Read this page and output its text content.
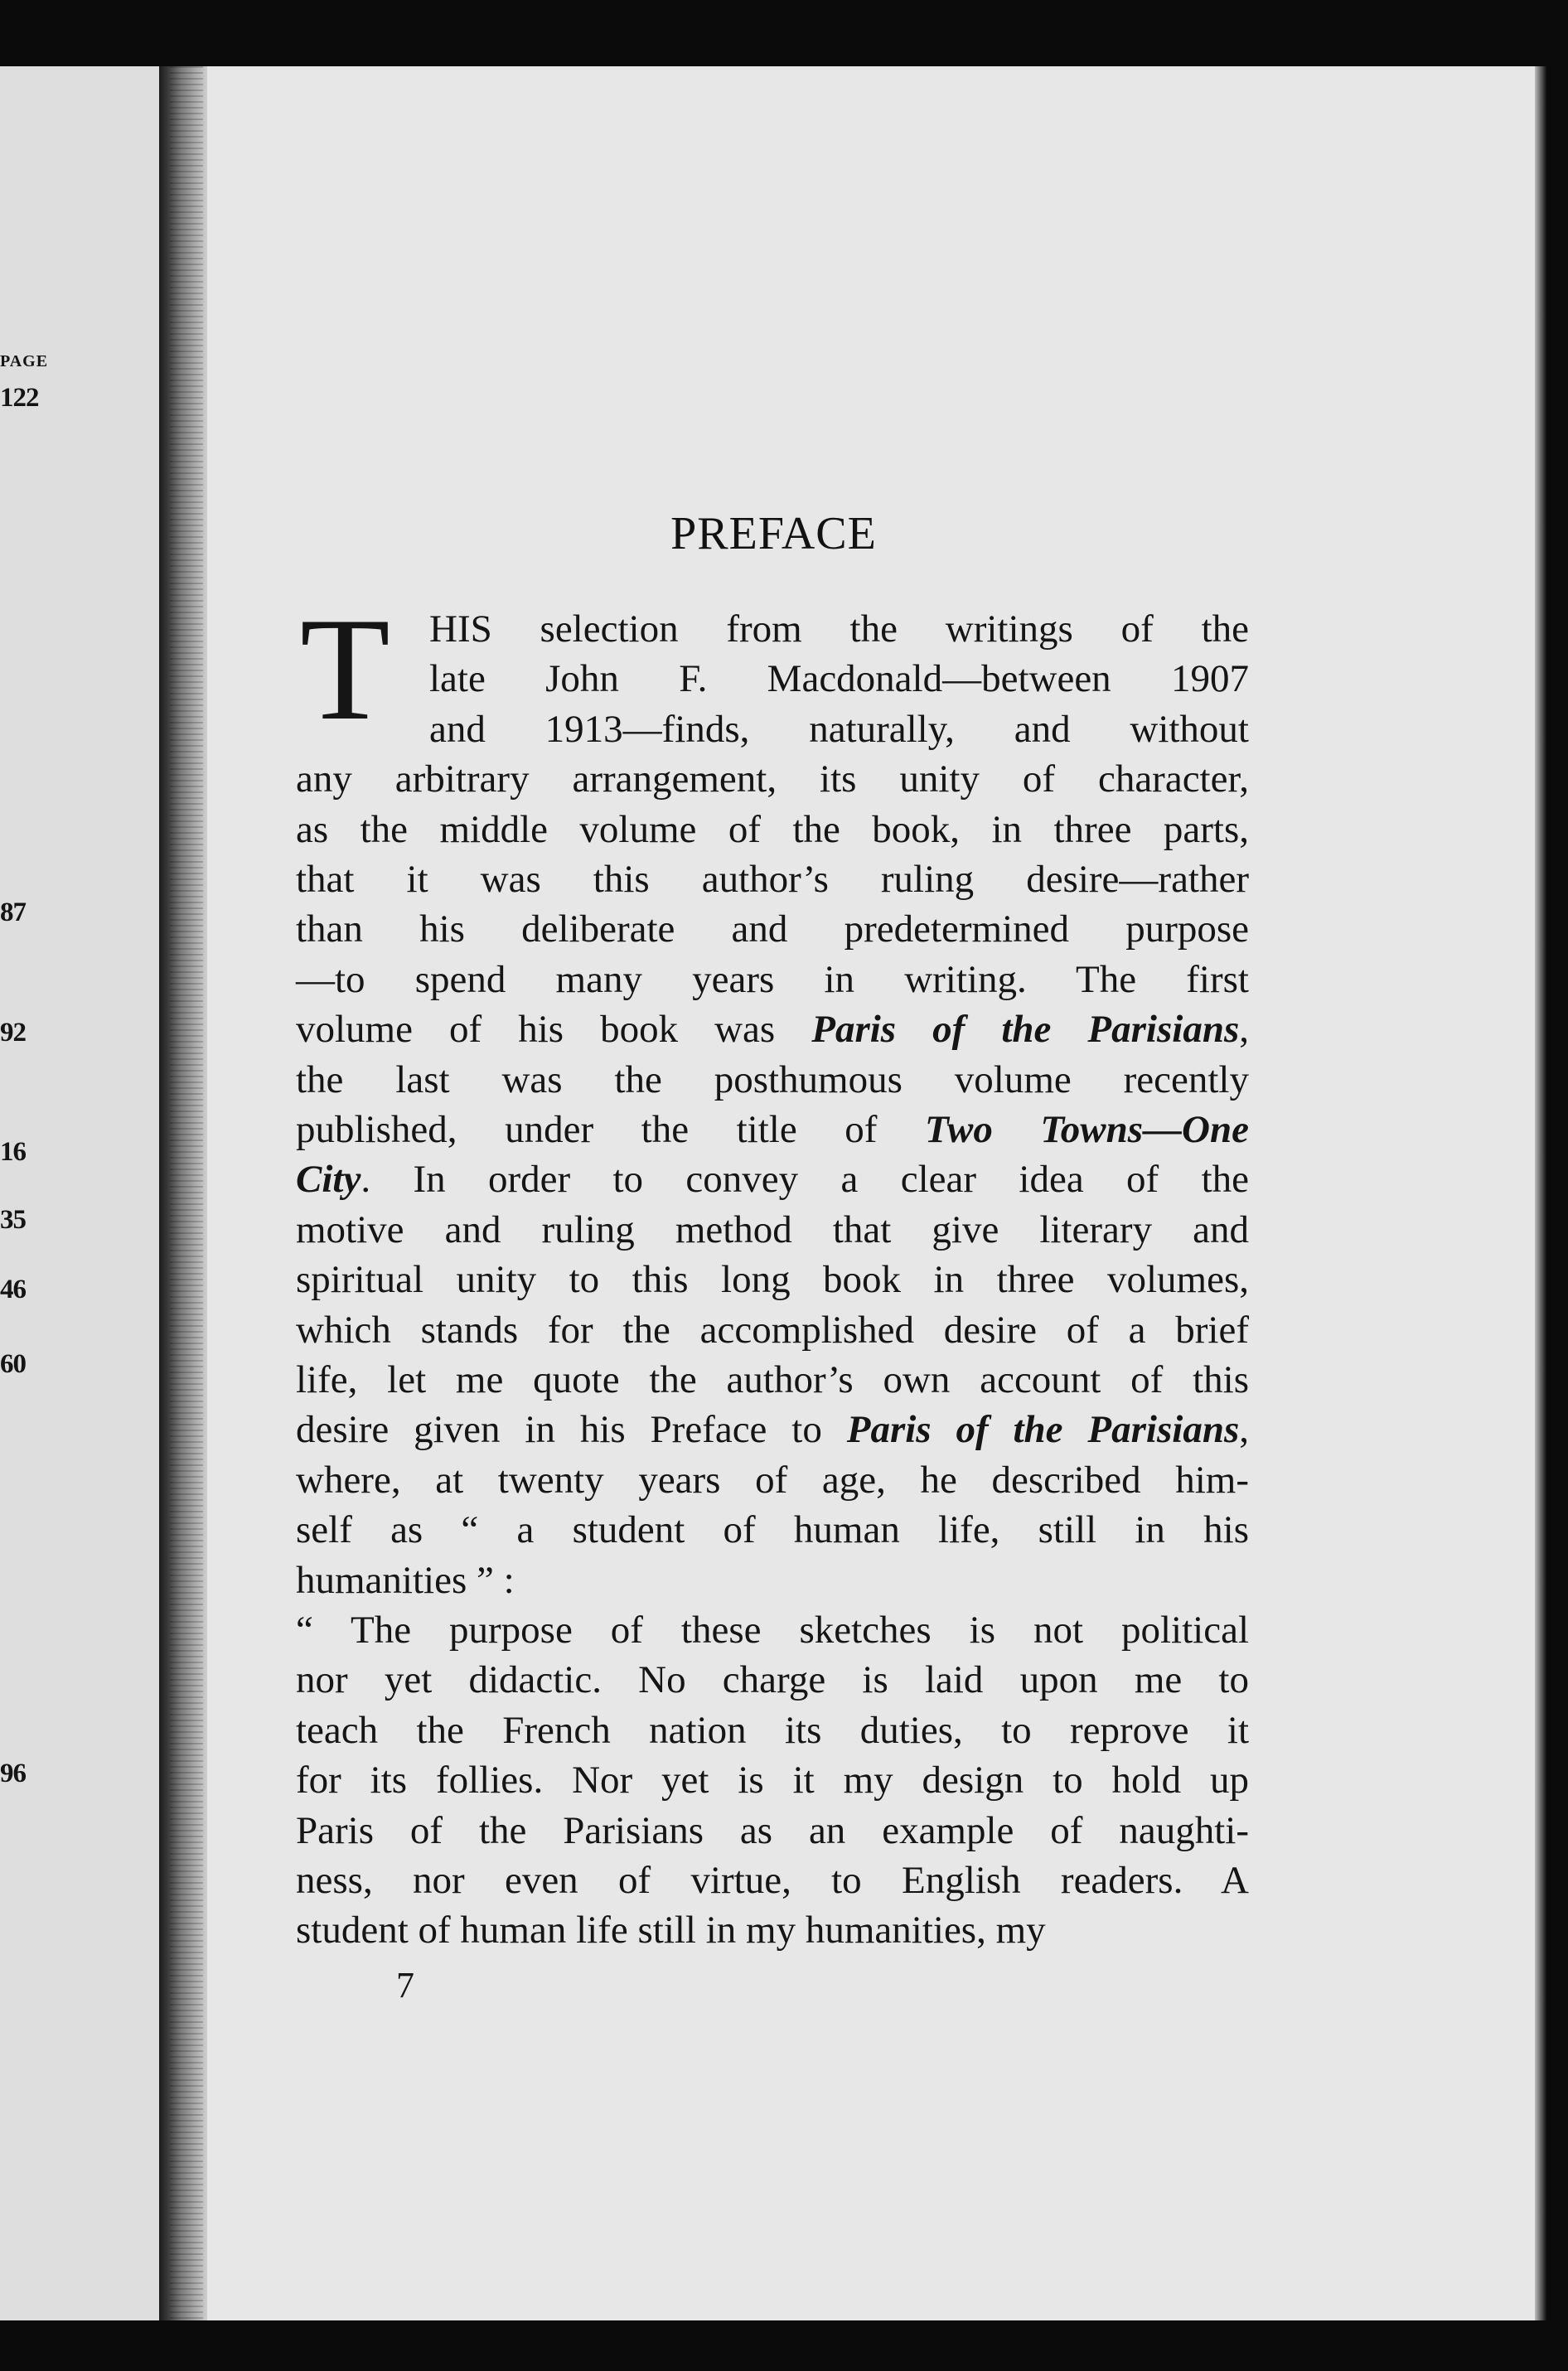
PAGE
122
87
92
16
35
46
60
96
PREFACE
T HIS selection from the writings of the
late John F. Macdonald—between 1907
and 1913—finds, naturally, and without
any arbitrary arrangement, its unity of character,
as the middle volume of the book, in three parts,
that it was this author’s ruling desire—rather
than his deliberate and predetermined purpose
—to spend many years in writing. The first
volume of his book was Paris of the Parisians,
the last was the posthumous volume recently
published, under the title of Two Towns—One
City. In order to convey a clear idea of the
motive and ruling method that give literary and
spiritual unity to this long book in three volumes,
which stands for the accomplished desire of a brief
life, let me quote the author’s own account of this
desire given in his Preface to Paris of the Parisians,
where, at twenty years of age, he described him-
self as “ a student of human life, still in his
humanities ” :
“ The purpose of these sketches is not political
nor yet didactic. No charge is laid upon me to
teach the French nation its duties, to reprove it
for its follies. Nor yet is it my design to hold up
Paris of the Parisians as an example of naughti-
ness, nor even of virtue, to English readers. A
student of human life still in my humanities, my
7
